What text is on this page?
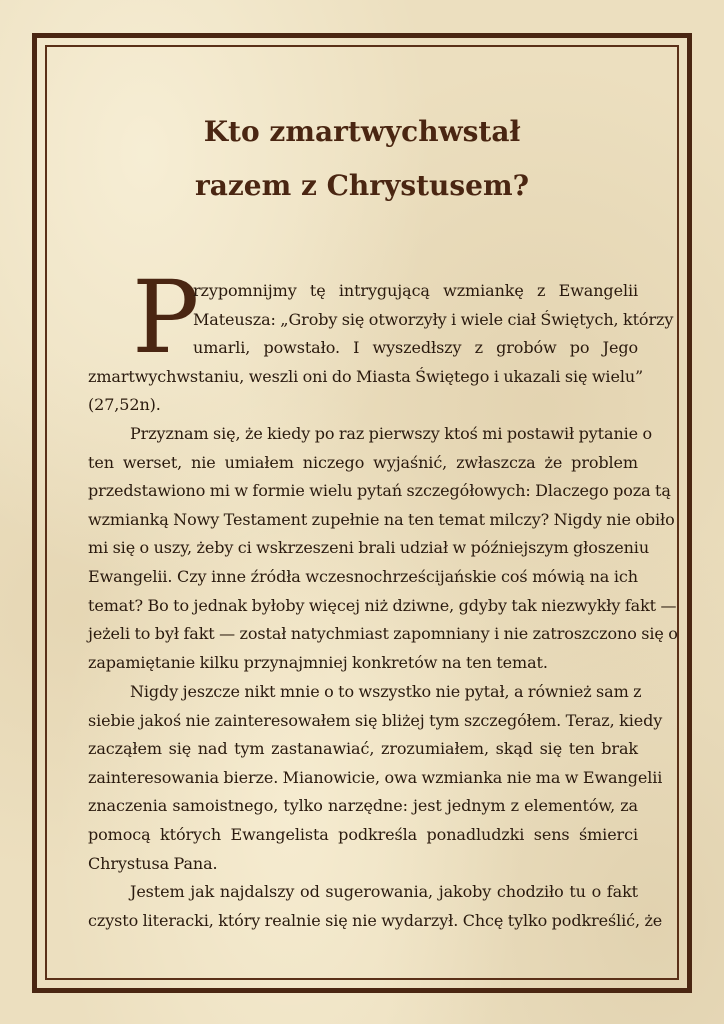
Kto zmartwychwstał
razem z Chrystusem?
P
rzypomnijmy tę intrygującą wzmiankę z Ewangelii
Mateusza: „Groby się otworzyły i wiele ciał Świętych, którzy
umarli, powstało. I wyszedłszy z grobów po Jego
zmartwychwstaniu, weszli oni do Miasta Świętego i ukazali się wielu”
(27,52n).
Przyznam się, że kiedy po raz pierwszy ktoś mi postawił pytanie o
ten werset, nie umiałem niczego wyjaśnić, zwłaszcza że problem
przedstawiono mi w formie wielu pytań szczegółowych: Dlaczego poza tą
wzmianką Nowy Testament zupełnie na ten temat milczy? Nigdy nie obiło
mi się o uszy, żeby ci wskrzeszeni brali udział w późniejszym głoszeniu
Ewangelii. Czy inne źródła wczesnochrześcijańskie coś mówią na ich
temat? Bo to jednak byłoby więcej niż dziwne, gdyby tak niezwykły fakt —
jeżeli to był fakt — został natychmiast zapomniany i nie zatroszczono się o
zapamiętanie kilku przynajmniej konkretów na ten temat.
Nigdy jeszcze nikt mnie o to wszystko nie pytał, a również sam z
siebie jakoś nie zainteresowałem się bliżej tym szczegółem. Teraz, kiedy
zacząłem się nad tym zastanawiać, zrozumiałem, skąd się ten brak
zainteresowania bierze. Mianowicie, owa wzmianka nie ma w Ewangelii
znaczenia samoistnego, tylko narzędne: jest jednym z elementów, za
pomocą których Ewangelista podkreśla ponadludzki sens śmierci
Chrystusa Pana.
Jestem jak najdalszy od sugerowania, jakoby chodziło tu o fakt
czysto literacki, który realnie się nie wydarzył. Chcę tylko podkreślić, że
